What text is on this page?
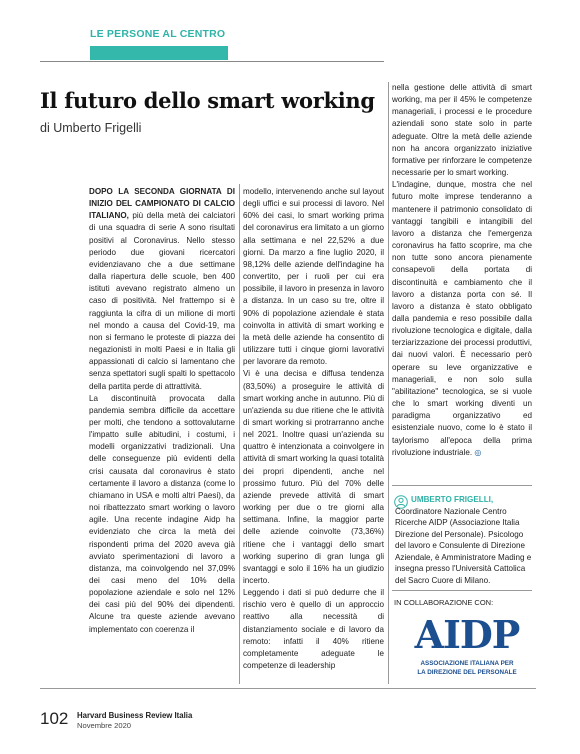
LE PERSONE AL CENTRO
Il futuro dello smart working
di Umberto Frigelli

DOPO LA SECONDA GIORNATA DI INIZIO DEL CAMPIONATO DI CALCIO ITALIANO, più della metà dei calciatori di una squadra di serie A sono risultati positivi al Coronavirus. Nello stesso periodo due giovani ricercatori evidenziavano che a due settimane dalla riapertura delle scuole, ben 400 istituti avevano registrato almeno un caso di positività. Nel frattempo si è raggiunta la cifra di un milione di morti nel mondo a causa del Covid-19, ma non si fermano le proteste di piazza dei negazionisti in molti Paesi e in Italia gli appassionati di calcio si lamentano che senza spettatori sugli spalti lo spettacolo della partita perde di attrattività.

La discontinuità provocata dalla pandemia sembra difficile da accettare per molti, che tendono a sottovalutarne l'impatto sulle abitudini, i costumi, i modelli organizzativi tradizionali. Una delle conseguenze più evidenti della crisi causata dal coronavirus è stato certamente il lavoro a distanza (come lo chiamano in USA e molti altri Paesi), da noi ribattezzato smart working o lavoro agile. Una recente indagine Aidp ha evidenziato che circa la metà dei rispondenti prima del 2020 aveva già avviato sperimentazioni di lavoro a distanza, ma coinvolgendo nel 37,09% dei casi meno del 10% della popolazione aziendale e solo nel 12% dei casi più del 90% dei dipendenti. Alcune tra queste aziende avevano implementato con coerenza il

modello, intervenendo anche sul layout degli uffici e sui processi di lavoro. Nel 60% dei casi, lo smart working prima del coronavirus era limitato a un giorno alla settimana e nel 22,52% a due giorni. Da marzo a fine luglio 2020, il 98,12% delle aziende dell'indagine ha convertito, per i ruoli per cui era possibile, il lavoro in presenza in lavoro a distanza. In un caso su tre, oltre il 90% di popolazione aziendale è stata coinvolta in attività di smart working e la metà delle aziende ha consentito di utilizzare tutti i cinque giorni lavorativi per lavorare da remoto.

Vi è una decisa e diffusa tendenza (83,50%) a proseguire le attività di smart working anche in autunno. Più di un'azienda su due ritiene che le attività di smart working si protrarranno anche nel 2021. Inoltre quasi un'azienda su quattro è intenzionata a coinvolgere in attività di smart working la quasi totalità dei propri dipendenti, anche nel prossimo futuro. Più del 70% delle aziende prevede attività di smart working per due o tre giorni alla settimana. Infine, la maggior parte delle aziende coinvolte (73,36%) ritiene che i vantaggi dello smart working superino di gran lunga gli svantaggi e solo il 16% ha un giudizio incerto.

Leggendo i dati si può dedurre che il rischio vero è quello di un approccio reattivo alla necessità di distanziamento sociale e di lavoro da remoto: infatti il 40% ritiene completamente adeguate le competenze di leadership

nella gestione delle attività di smart working, ma per il 45% le competenze manageriali, i processi e le procedure aziendali sono state solo in parte adeguate. Oltre la metà delle aziende non ha ancora organizzato iniziative formative per rinforzare le competenze necessarie per lo smart working.

L'indagine, dunque, mostra che nel futuro molte imprese tenderanno a mantenere il patrimonio consolidato di vantaggi tangibili e intangibili del lavoro a distanza che l'emergenza coronavirus ha fatto scoprire, ma che non tutte sono ancora pienamente consapevoli della portata di discontinuità e cambiamento che il lavoro a distanza porta con sé. Il lavoro a distanza è stato obbligato dalla pandemia e reso possibile dalla rivoluzione tecnologica e digitale, dalla terziarizzazione dei processi produttivi, dai nuovi valori. È necessario però operare su leve organizzative e manageriali, e non solo sulla "abilitazione" tecnologica, se si vuole che lo smart working diventi un paradigma organizzativo ed esistenziale nuovo, come lo è stato il taylorismo all'epoca della prima rivoluzione industriale. ◎

UMBERTO FRIGELLI, Coordinatore Nazionale Centro Ricerche AIDP (Associazione Italia Direzione del Personale). Psicologo del lavoro e Consulente di Direzione Aziendale, è Amministratore Mading e insegna presso l'Università Cattolica del Sacro Cuore di Milano.
IN COLLABORAZIONE CON:
AIDP
ASSOCIAZIONE ITALIANA PER
LA DIREZIONE DEL PERSONALE
102 Harvard Business Review Italia
Novembre 2020
